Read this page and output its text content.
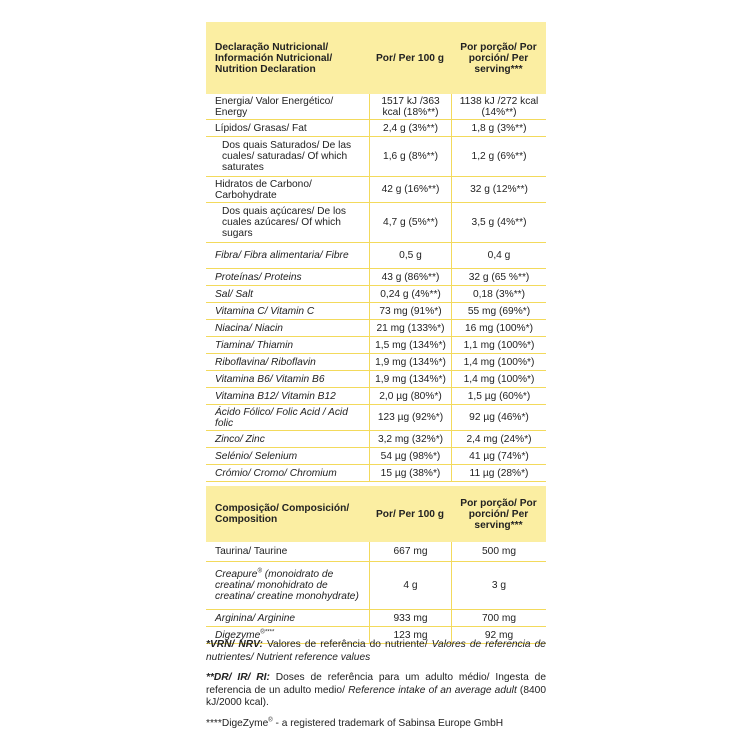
Declaração Nutricional/ Información Nutricional/ Nutrition Declaration	Por/ Per 100 g	Por porção/ Por porción/ Per serving***
Energia/ Valor Energético/ Energy	1517 kJ /363 kcal (18%**)	1138 kJ /272 kcal (14%**)
Lípidos/ Grasas/ Fat	2,4 g (3%**)	1,8 g (3%**)
Dos quais Saturados/ De las cuales/ saturadas/ Of which saturates	1,6 g (8%**)	1,2 g (6%**)
Hidratos de Carbono/ Carbohydrate	42 g (16%**)	32 g (12%**)
Dos quais açúcares/ De los cuales azúcares/ Of which sugars	4,7 g (5%**)	3,5 g (4%**)
Fibra/ Fibra alimentaria/ Fibre	0,5 g	0,4 g
Proteínas/ Proteins	43 g (86%**)	32 g (65 %**)
Sal/ Salt	0,24 g (4%**)	0,18 (3%**)
Vitamina C/ Vitamin C	73 mg (91%*)	55 mg (69%*)
Niacina/ Niacin	21 mg (133%*)	16 mg (100%*)
Tiamina/ Thiamin	1,5 mg (134%*)	1,1 mg (100%*)
Riboflavina/ Riboflavin	1,9 mg (134%*)	1,4 mg (100%*)
Vitamina B6/ Vitamin B6	1,9 mg (134%*)	1,4 mg (100%*)
Vitamina B12/ Vitamin B12	2,0 µg (80%*)	1,5 µg (60%*)
Ácido Fólico/ Folic Acid / Acid folic	123 µg (92%*)	92 µg (46%*)
Zinco/ Zinc	3,2 mg (32%*)	2,4 mg (24%*)
Selénio/ Selenium	54 µg (98%*)	41 µg (74%*)
Crómio/ Cromo/ Chromium	15 µg (38%*)	11 µg (28%*)
Composição/ Composición/ Composition	Por/ Per 100 g	Por porção/ Por porción/ Per serving***
Taurina/ Taurine	667 mg	500 mg
Creapure® (monoidrato de creatina/ monohidrato de creatina/ creatine monohydrate)	4 g	3 g
Arginina/ Arginine	933 mg	700 mg
Digezyme®****	123 mg	92 mg

*VRN/ NRV: Valores de referência do nutriente/ Valores de referencia de nutrientes/ Nutrient reference values

**DR/ IR/ RI: Doses de referência para um adulto médio/ Ingesta de referencia de un adulto medio/ Reference intake of an average adult (8400 kJ/2000 kcal).

****DigeZyme® - a registered trademark of Sabinsa Europe GmbH
